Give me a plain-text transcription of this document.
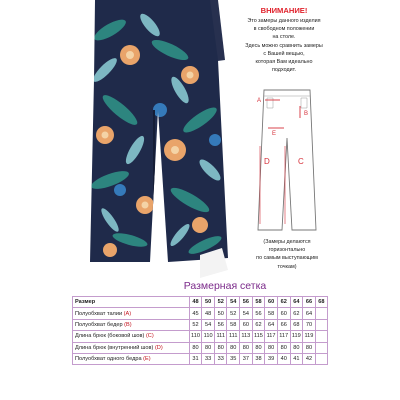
ВНИМАНИЕ!
Это замеры данного изделия
в свободном положении
на столе.
Здесь можно сравнить замеры
с Вашей вещью,
которая Вам идеально
подходит.
A
B
E
D	C
(Замеры делаются
горизонтально
по самым выступающим
точкам)
Размерная сетка
Размер	48	50	52	54	56	58	60	62	64	66	68
Полуобхват талии (A)	45	48	50	52	54	56	58	60	62	64	
Полуобхват бедер (B)	52	54	56	58	60	62	64	66	68	70	
Длина брюк (боковой шов) (C)	110	110	111	111	113	115	117	117	119	119	
Длина брюк (внутренний шов) (D)	80	80	80	80	80	80	80	80	80	80	
Полуобхват одного бедра (E)	31	33	33	35	37	38	39	40	41	42	
